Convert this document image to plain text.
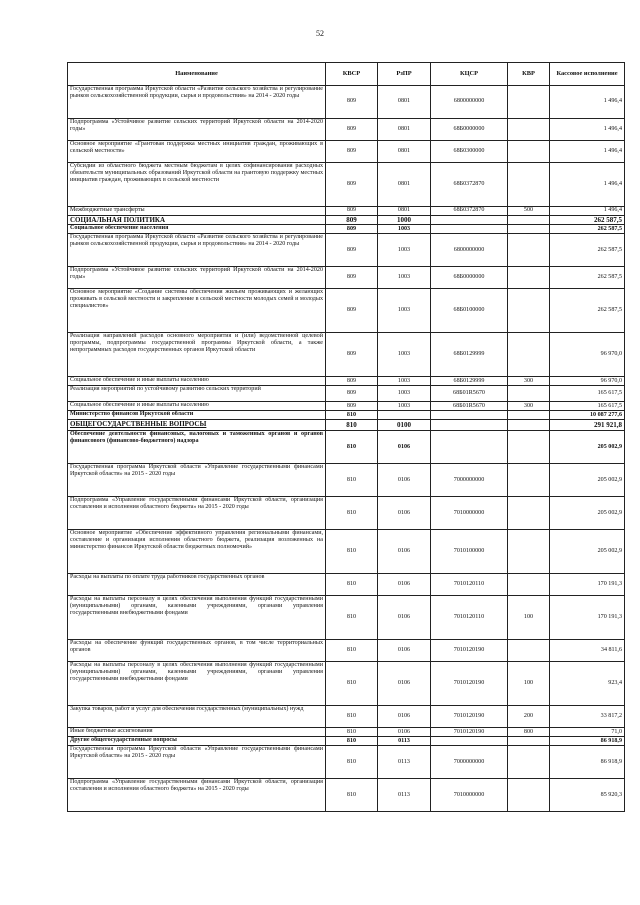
52
Наименование	КВСР	РзПР	КЦСР	КВР	Кассовое исполнение
Государственная программа Иркутской области «Развитие сельского хозяйства и регулирование рынков сельскохозяйственной продукции, сырья и продовольствия» на 2014 - 2020 годы	809	0801	6800000000		1 496,4
Подпрограмма «Устойчивое развитие сельских территорий Иркутской области на 2014-2020 годы»	809	0801	68Б0000000		1 496,4
Основное мероприятие «Грантовая поддержка местных инициатив граждан, проживающих в сельской местности»	809	0801	68Б0300000		1 496,4
Субсидии из областного бюджета местным бюджетам в целях софинансирования расходных обязательств муниципальных образований Иркутской области на грантовую поддержку местных инициатив граждан, проживающих в сельской местности	809	0801	68Б0372870		1 496,4
Межбюджетные трансферты	809	0801	68Б0372870	500	1 496,4
СОЦИАЛЬНАЯ ПОЛИТИКА	809	1000			262 587,5
Социальное обеспечение населения	809	1003			262 587,5
Государственная программа Иркутской области «Развитие сельского хозяйства и регулирование рынков сельскохозяйственной продукции, сырья и продовольствия» на 2014 - 2020 годы	809	1003	6800000000		262 587,5
Подпрограмма «Устойчивое развитие сельских территорий Иркутской области на 2014-2020 годы»	809	1003	68Б0000000		262 587,5
Основное мероприятие «Создание системы обеспечения жильем проживающих и желающих проживать в сельской местности и закрепление в сельской местности молодых семей и молодых специалистов»	809	1003	68Б0100000		262 587,5
Реализация направлений расходов основного мероприятия и (или) ведомственной целевой программы, подпрограммы государственной программы Иркутской области, а также непрограммных расходов государственных органов Иркутской области	809	1003	68Б0129999		96 970,0
Социальное обеспечение и иные выплаты населению	809	1003	68Б0129999	300	96 970,0
Реализация мероприятий по устойчивому развитию сельских территорий	809	1003	68Б01R5670		165 617,5
Социальное обеспечение и иные выплаты населению	809	1003	68Б01R5670	300	165 617,5
Министерство финансов Иркутской области	810				10 087 277,6
ОБЩЕГОСУДАРСТВЕННЫЕ ВОПРОСЫ	810	0100			291 921,8
Обеспечение деятельности финансовых, налоговых и таможенных органов и органов финансового (финансово-бюджетного) надзора	810	0106			205 002,9
Государственная программа Иркутской области «Управление государственными финансами Иркутской области» на 2015 - 2020 годы	810	0106	7000000000		205 002,9
Подпрограмма «Управление государственными финансами Иркутской области, организация составления и исполнения областного бюджета» на 2015 - 2020 годы	810	0106	7010000000		205 002,9
Основное мероприятие «Обеспечение эффективного управления региональными финансами, составление и организация исполнения областного бюджета, реализация возложенных на министерство финансов Иркутской области бюджетных полномочий»	810	0106	7010100000		205 002,9
Расходы на выплаты по оплате труда работников государственных органов	810	0106	7010120110		170 191,3
Расходы на выплаты персоналу в целях обеспечения выполнения функций государственными (муниципальными) органами, казенными учреждениями, органами управления государственными внебюджетными фондами	810	0106	7010120110	100	170 191,3
Расходы на обеспечение функций государственных органов, в том числе территориальных органов	810	0106	7010120190		34 811,6
Расходы на выплаты персоналу в целях обеспечения выполнения функций государственными (муниципальными) органами, казенными учреждениями, органами управления государственными внебюджетными фондами	810	0106	7010120190	100	923,4
Закупка товаров, работ и услуг для обеспечения государственных (муниципальных) нужд	810	0106	7010120190	200	33 817,2
Иные бюджетные ассигнования	810	0106	7010120190	800	71,0
Другие общегосударственные вопросы	810	0113			86 918,9
Государственная программа Иркутской области «Управление государственными финансами Иркутской области» на 2015 - 2020 годы	810	0113	7000000000		86 918,9
Подпрограмма «Управление государственными финансами Иркутской области, организация составления и исполнения областного бюджета» на 2015 - 2020 годы	810	0113	7010000000		85 920,3
